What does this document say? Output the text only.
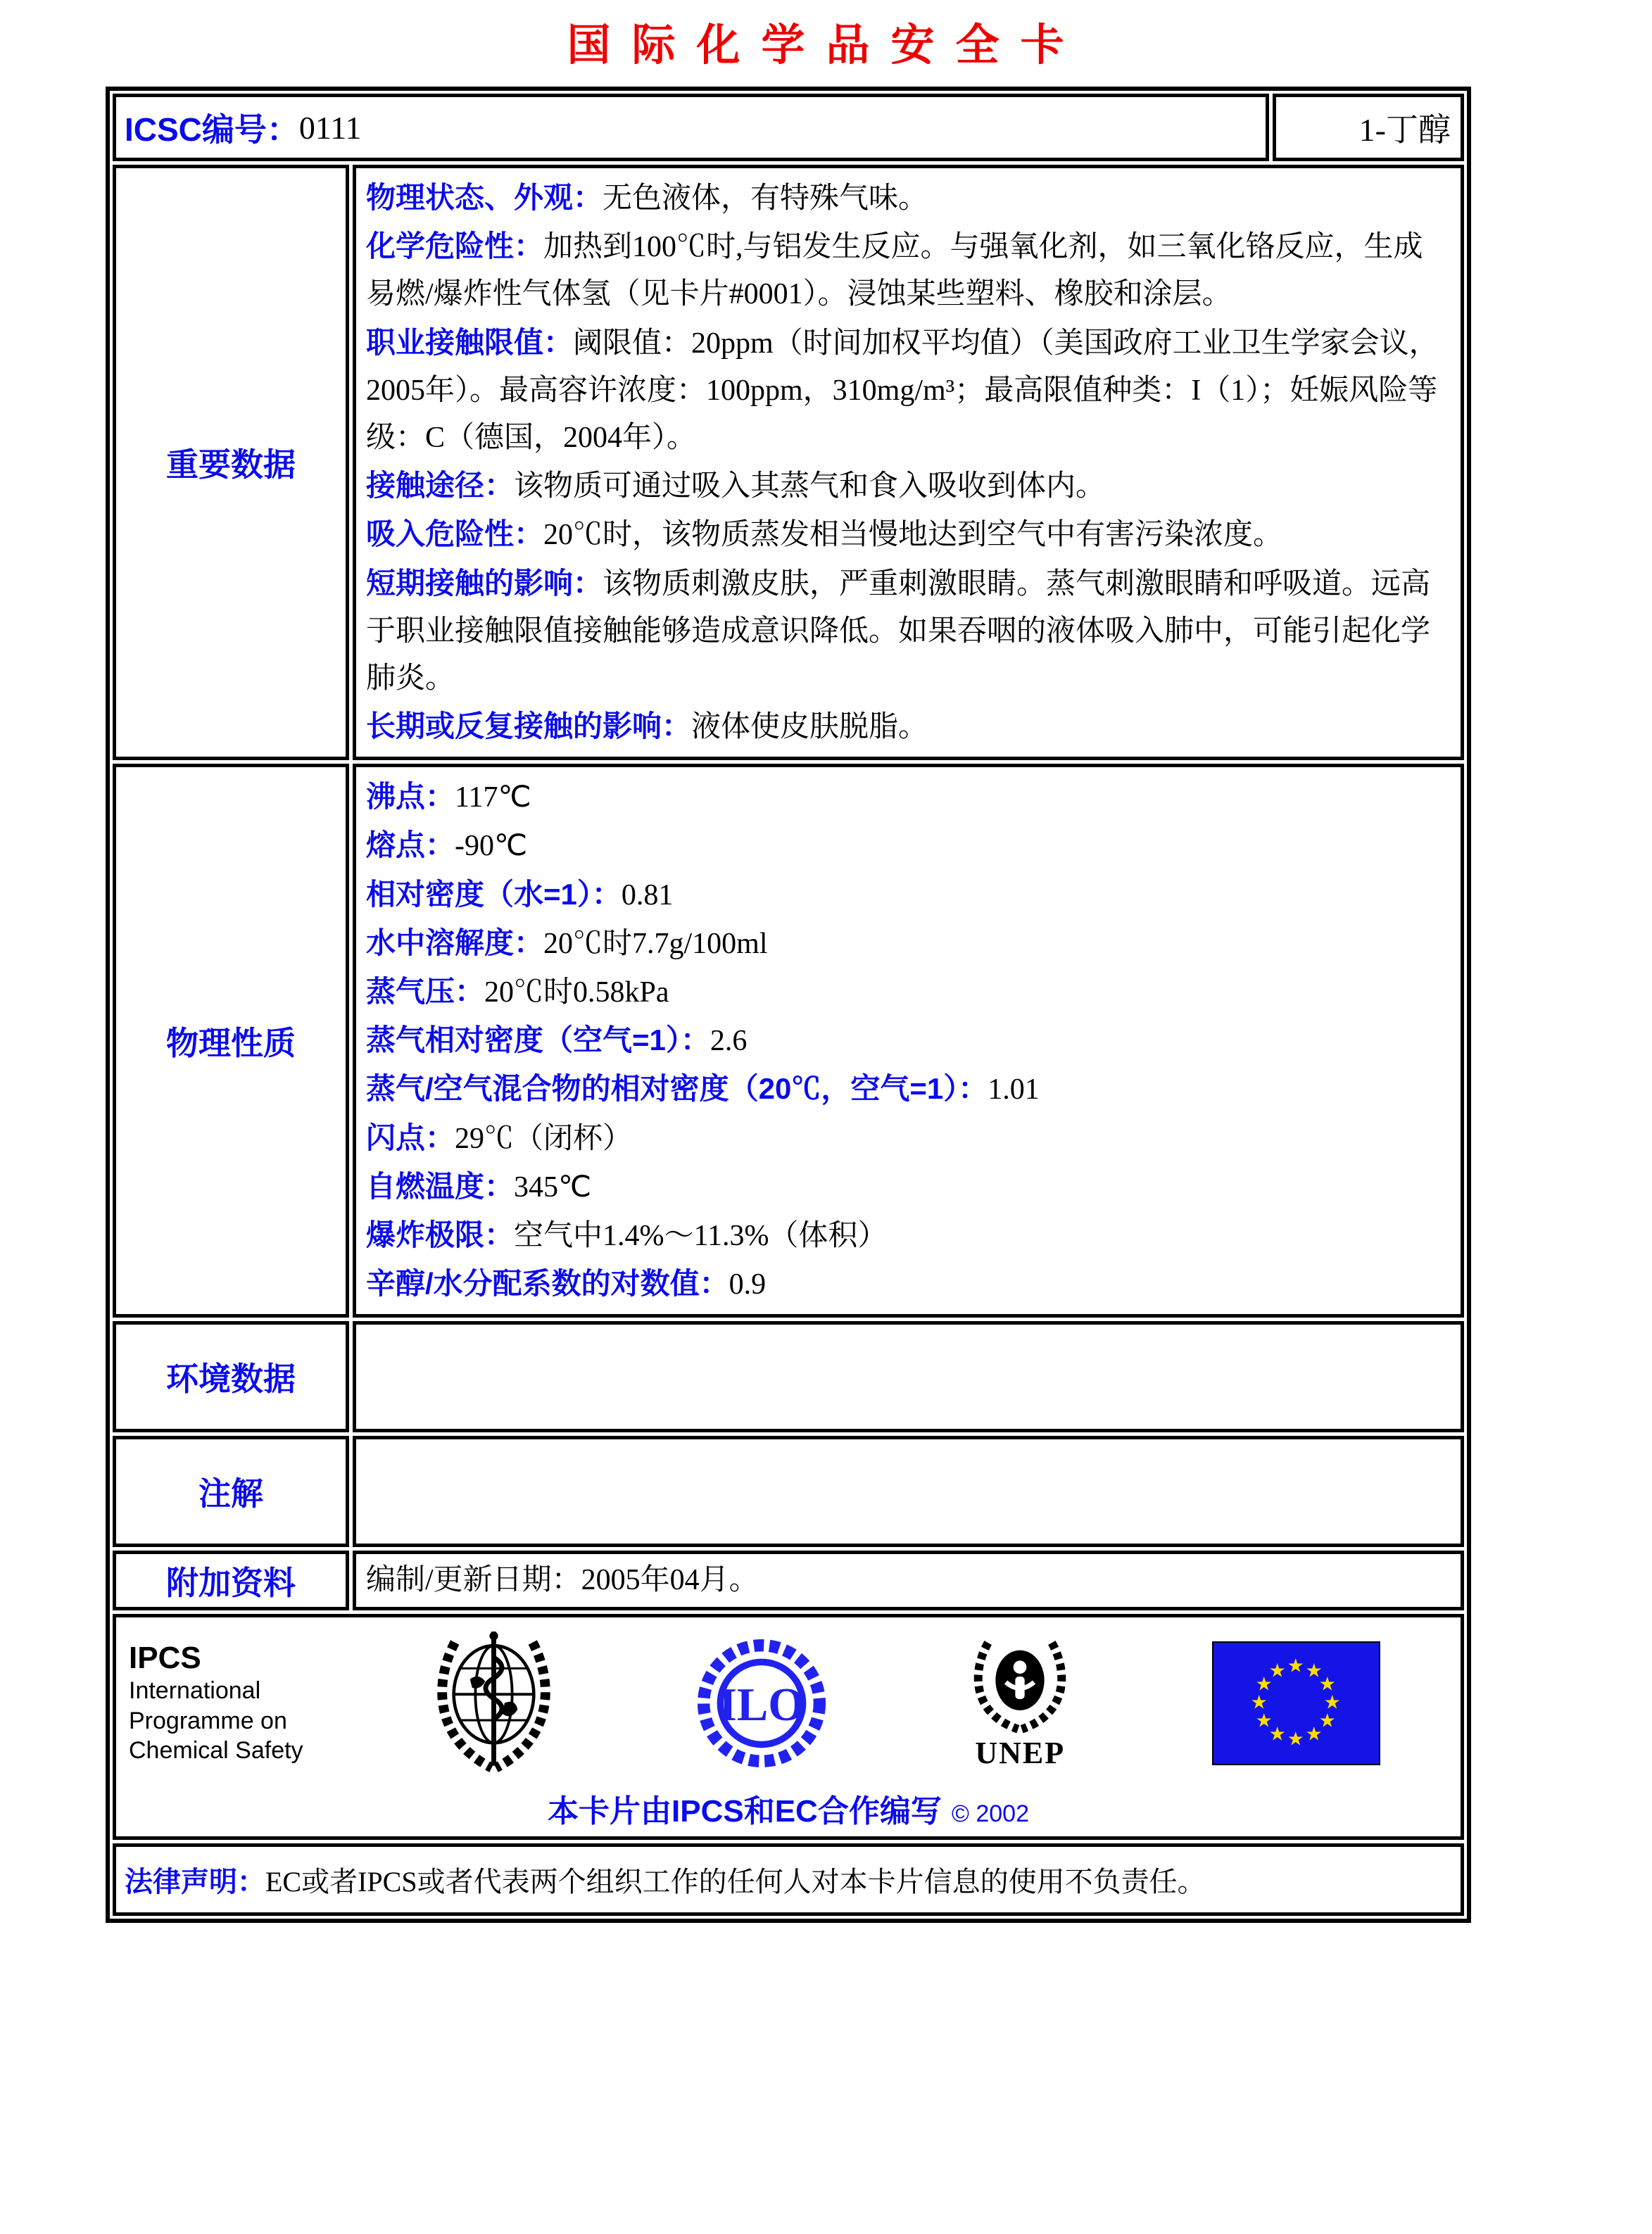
国际化学品安全卡
ICSC编号： 0111	1-丁醇
重要数据
物理状态、外观：无色液体，有特殊气味。
化学危险性：加热到100℃时,与铝发生反应。与强氧化剂，如三氧化铬反应，生成易燃/爆炸性气体氢（见卡片#0001）。浸蚀某些塑料、橡胶和涂层。
职业接触限值：阈限值：20ppm（时间加权平均值）（美国政府工业卫生学家会议，2005年）。最高容许浓度：100ppm，310mg/m³；最高限值种类：I（1）；妊娠风险等级：C（德国，2004年）。
接触途径：该物质可通过吸入其蒸气和食入吸收到体内。
吸入危险性：20℃时，该物质蒸发相当慢地达到空气中有害污染浓度。
短期接触的影响：该物质刺激皮肤，严重刺激眼睛。蒸气刺激眼睛和呼吸道。远高于职业接触限值接触能够造成意识降低。如果吞咽的液体吸入肺中，可能引起化学肺炎。
长期或反复接触的影响：液体使皮肤脱脂。
物理性质
沸点：117℃
熔点：-90℃
相对密度（水=1）：0.81
水中溶解度：20℃时7.7g/100ml
蒸气压：20℃时0.58kPa
蒸气相对密度（空气=1）：2.6
蒸气/空气混合物的相对密度（20℃，空气=1）：1.01
闪点：29℃（闭杯）
自燃温度：345℃
爆炸极限：空气中1.4%～11.3%（体积）
辛醇/水分配系数的对数值：0.9
环境数据
注解
附加资料	编制/更新日期：2005年04月。
IPCS
International
Programme on
Chemical Safety
ILO
UNEP
★ ★
★
★
★
★
★
★
★
★
★
★
本卡片由IPCS和EC合作编写 © 2002
法律声明：EC或者IPCS或者代表两个组织工作的任何人对本卡片信息的使用不负责任。
